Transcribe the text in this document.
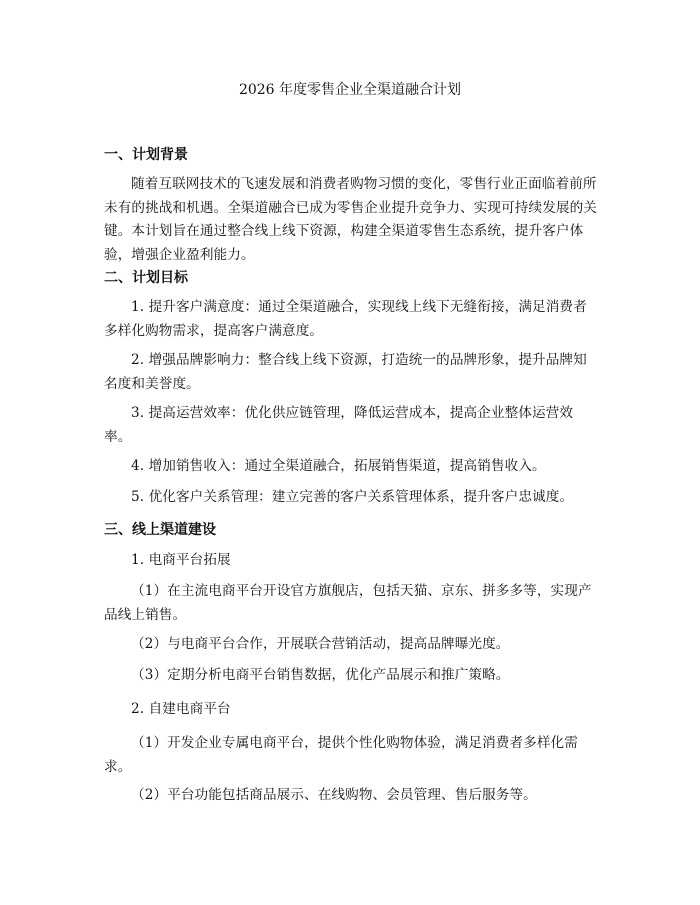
2026 年度零售企业全渠道融合计划
一、计划背景

随着互联网技术的飞速发展和消费者购物习惯的变化，零售行业正面临着前所未有的挑战和机遇。全渠道融合已成为零售企业提升竞争力、实现可持续发展的关键。本计划旨在通过整合线上线下资源，构建全渠道零售生态系统，提升客户体验，增强企业盈利能力。

二、计划目标

1. 提升客户满意度：通过全渠道融合，实现线上线下无缝衔接，满足消费者多样化购物需求，提高客户满意度。

2. 增强品牌影响力：整合线上线下资源，打造统一的品牌形象，提升品牌知名度和美誉度。

3. 提高运营效率：优化供应链管理，降低运营成本，提高企业整体运营效率。

4. 增加销售收入：通过全渠道融合，拓展销售渠道，提高销售收入。

5. 优化客户关系管理：建立完善的客户关系管理体系，提升客户忠诚度。

三、线上渠道建设

1. 电商平台拓展

（1）在主流电商平台开设官方旗舰店，包括天猫、京东、拼多多等，实现产品线上销售。

（2）与电商平台合作，开展联合营销活动，提高品牌曝光度。

（3）定期分析电商平台销售数据，优化产品展示和推广策略。

2. 自建电商平台

（1）开发企业专属电商平台，提供个性化购物体验，满足消费者多样化需求。

（2）平台功能包括商品展示、在线购物、会员管理、售后服务等。
